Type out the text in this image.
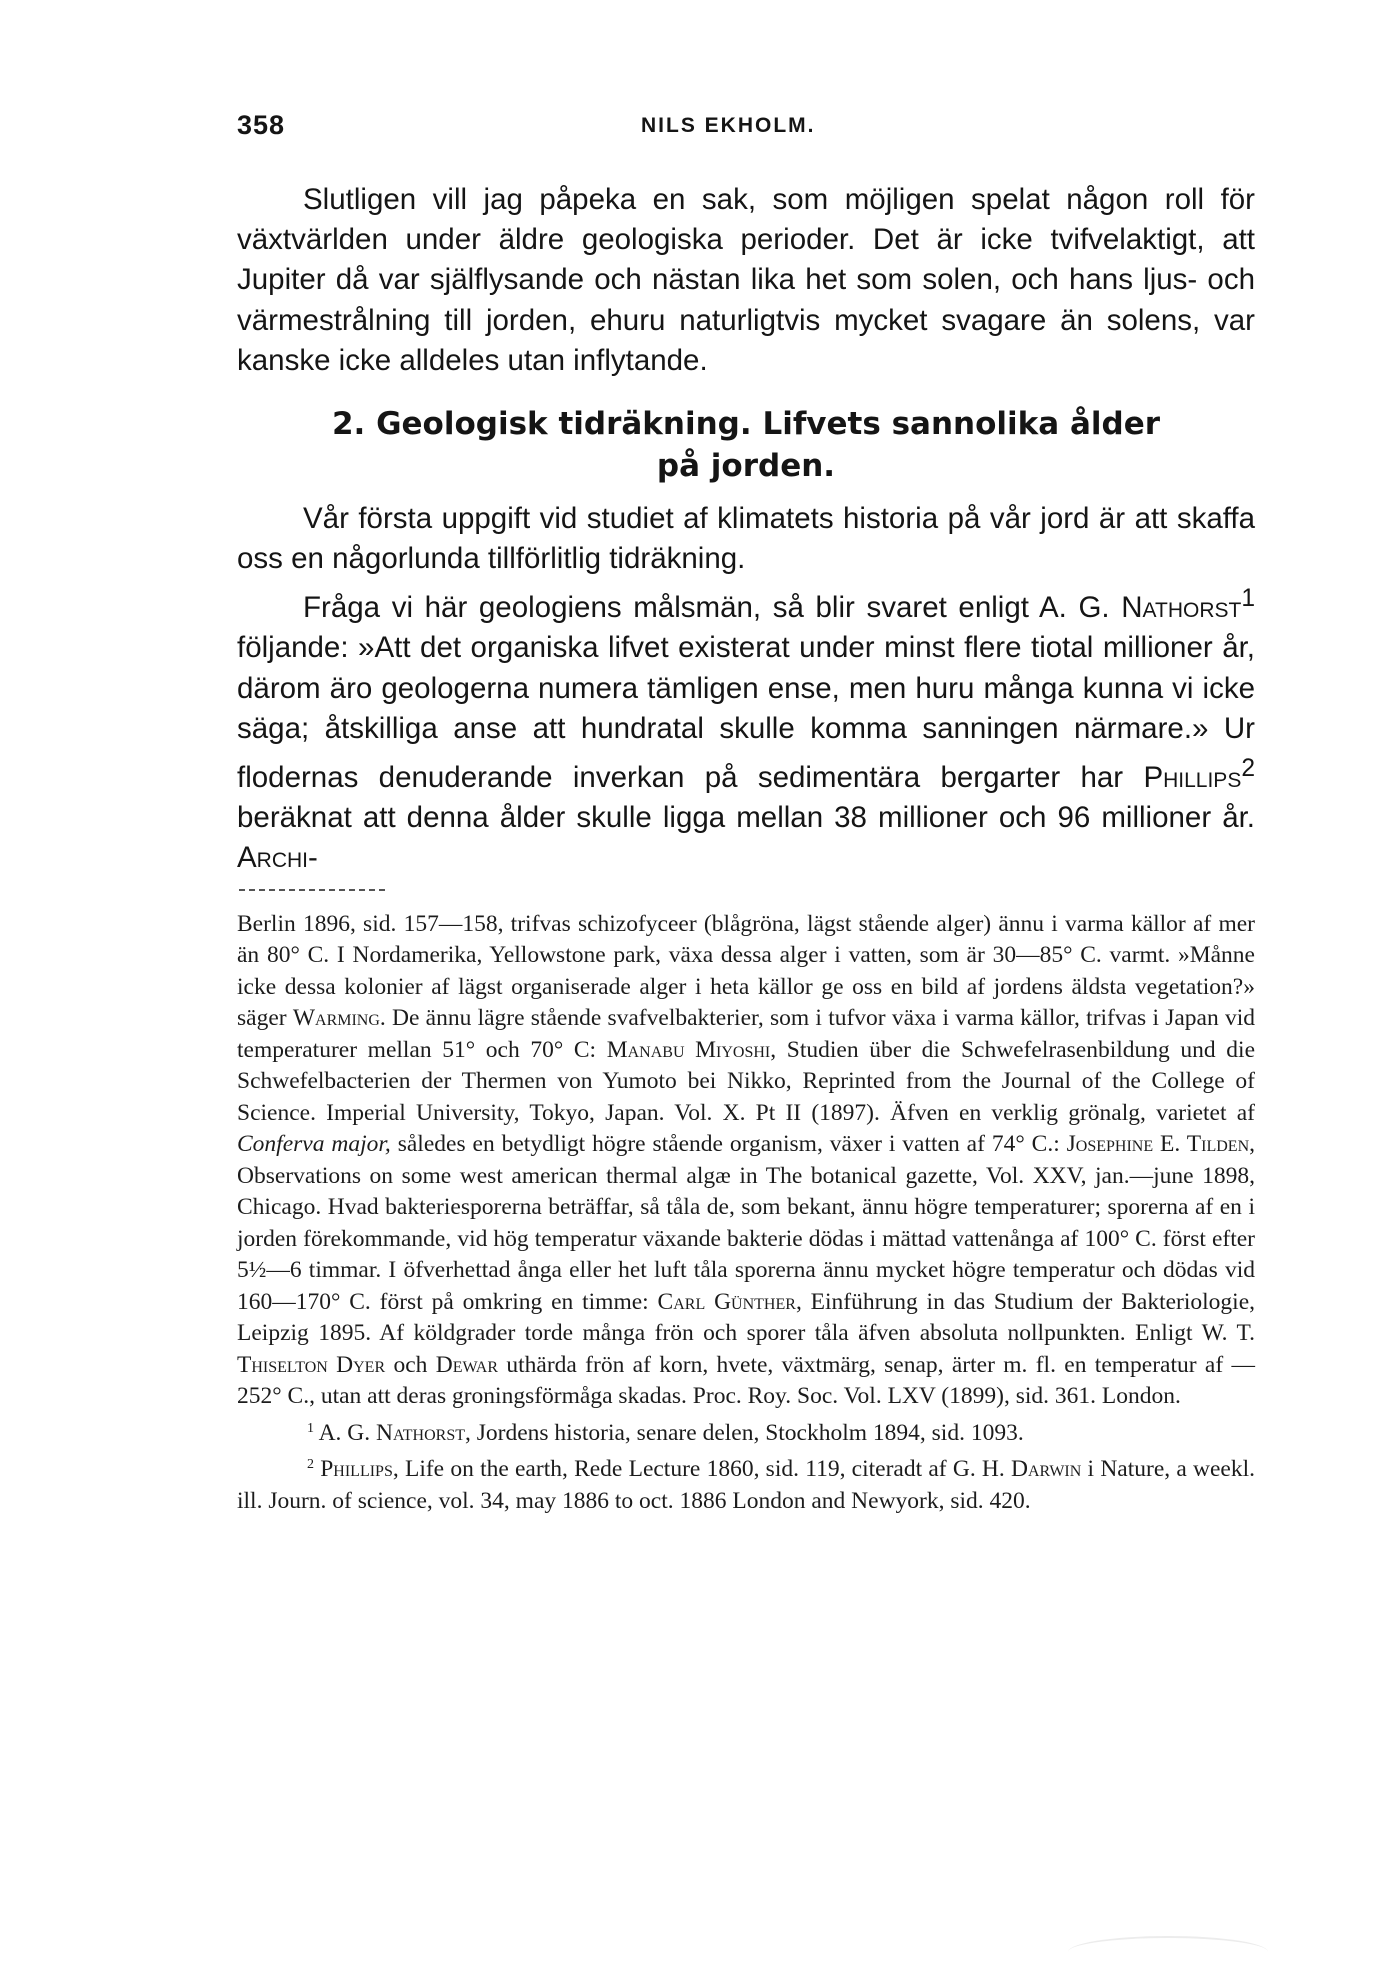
358	NILS EKHOLM.

Slutligen vill jag påpeka en sak, som möjligen spelat någon roll för växtvärlden under äldre geologiska perioder. Det är icke tvifvelaktigt, att Jupiter då var själflysande och nästan lika het som solen, och hans ljus- och värmestrålning till jorden, ehuru naturligtvis mycket svagare än solens, var kanske icke alldeles utan inflytande.

2. Geologisk tidräkning. Lifvets sannolika ålder
på jorden.

Vår första uppgift vid studiet af klimatets historia på vår jord är att skaffa oss en någorlunda tillförlitlig tidräkning.

Fråga vi här geologiens målsmän, så blir svaret enligt A. G. Nathorst$^1$ följande: »Att det organiska lifvet existerat under minst flere tiotal millioner år, därom äro geologerna numera tämligen ense, men huru många kunna vi icke säga; åtskilliga anse att hundratal skulle komma sanningen närmare.» Ur flodernas denuderande inverkan på sedimentära bergarter har Phillips$^2$ beräknat att denna ålder skulle ligga mellan 38 millioner och 96 millioner år. Archi-

Berlin 1896, sid. 157—158, trifvas schizofyceer (blågröna, lägst stående alger) ännu i varma källor af mer än 80° C. I Nordamerika, Yellowstone park, växa dessa alger i vatten, som är 30—85° C. varmt. »Månne icke dessa kolonier af lägst organiserade alger i heta källor ge oss en bild af jordens äldsta vegetation?» säger Warming. De ännu lägre stående svafvelbakterier, som i tufvor växa i varma källor, trifvas i Japan vid temperaturer mellan 51° och 70° C: Manabu Miyoshi, Studien über die Schwefelrasenbildung und die Schwefelbacterien der Thermen von Yumoto bei Nikko, Reprinted from the Journal of the College of Science. Imperial University, Tokyo, Japan. Vol. X. Pt II (1897). Äfven en verklig grönalg, varietet af Conferva major, således en betydligt högre stående organism, växer i vatten af 74° C.: Josephine E. Tilden, Observations on some west american thermal algæ in The botanical gazette, Vol. XXV, jan.—june 1898, Chicago. Hvad bakteriesporerna beträffar, så tåla de, som bekant, ännu högre temperaturer; sporerna af en i jorden förekommande, vid hög temperatur växande bakterie dödas i mättad vattenånga af 100° C. först efter 5½—6 timmar. I öfverhettad ånga eller het luft tåla sporerna ännu mycket högre temperatur och dödas vid 160—170° C. först på omkring en timme: Carl Günther, Einführung in das Studium der Bakteriologie, Leipzig 1895. Af köldgrader torde många frön och sporer tåla äfven absoluta nollpunkten. Enligt W. T. Thiselton Dyer och Dewar uthärda frön af korn, hvete, växtmärg, senap, ärter m. fl. en temperatur af —252° C., utan att deras groningsförmåga skadas. Proc. Roy. Soc. Vol. LXV (1899), sid. 361. London.

$^1$ A. G. Nathorst, Jordens historia, senare delen, Stockholm 1894, sid. 1093.

$^2$ Phillips, Life on the earth, Rede Lecture 1860, sid. 119, citeradt af G. H. Darwin i Nature, a weekl. ill. Journ. of science, vol. 34, may 1886 to oct. 1886 London and Newyork, sid. 420.
